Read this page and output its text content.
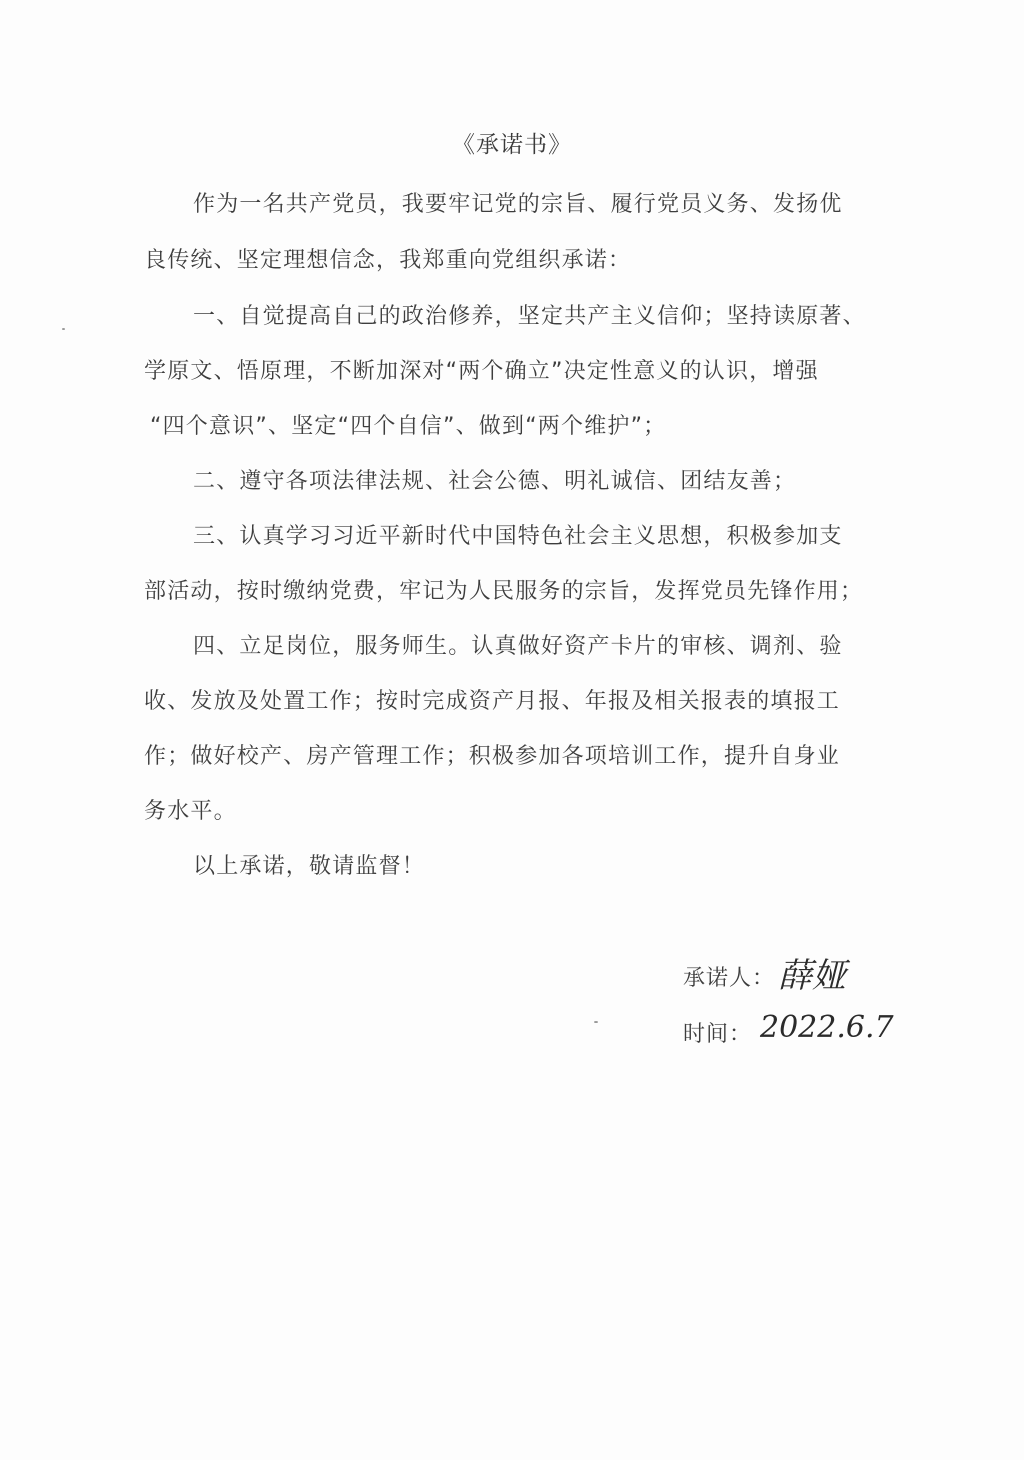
《承诺书》
作为一名共产党员，我要牢记党的宗旨、履行党员义务、发扬优
良传统、坚定理想信念，我郑重向党组织承诺：
一、自觉提高自己的政治修养，坚定共产主义信仰；坚持读原著、
学原文、悟原理，不断加深对“两个确立”决定性意义的认识，增强
“四个意识”、坚定“四个自信”、做到“两个维护”；
二、遵守各项法律法规、社会公德、明礼诚信、团结友善；
三、认真学习习近平新时代中国特色社会主义思想，积极参加支
部活动，按时缴纳党费，牢记为人民服务的宗旨，发挥党员先锋作用；
四、立足岗位，服务师生。认真做好资产卡片的审核、调剂、验
收、发放及处置工作；按时完成资产月报、年报及相关报表的填报工
作；做好校产、房产管理工作；积极参加各项培训工作，提升自身业
务水平。
以上承诺，敬请监督！
承诺人： 薛娅
时间： 2022.6.7
